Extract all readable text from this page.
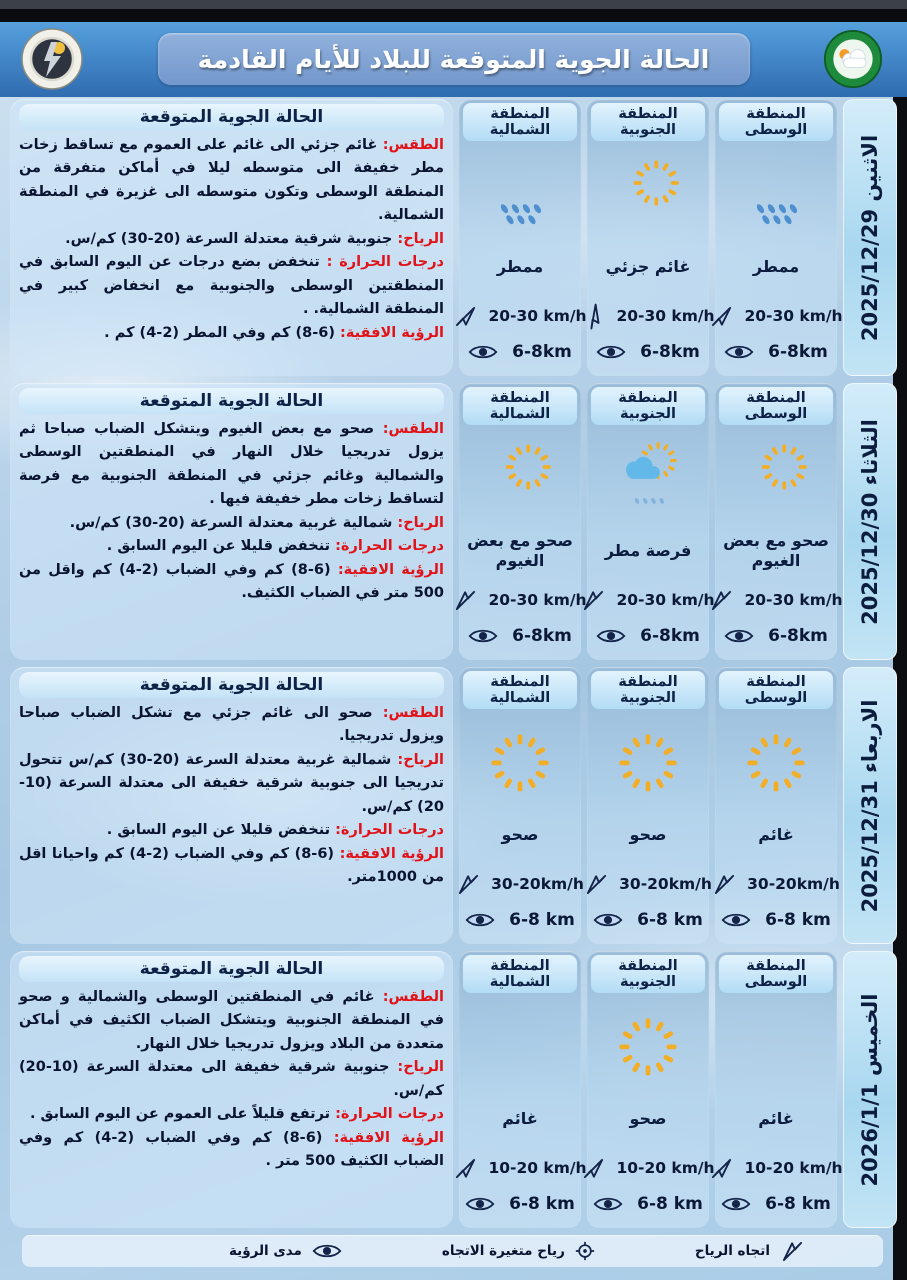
الحالة الجوية المتوقعة للبلاد للأيام القادمة
الاثنين 2025/12/29
المنطقة الوسطى
ممطر
20-30 km/h
6-8km
المنطقة الجنوبية
غائم جزئي
20-30 km/h
6-8km
المنطقة الشمالية
ممطر
20-30 km/h
6-8km
الحالة الجوية المتوقعة

الطقس: غائم جزئي الى غائم على العموم مع تساقط زخات مطر خفيفة الى متوسطه ليلا في أماكن متفرقة من المنطقة الوسطى وتكون متوسطه الى غزيرة في المنطقة الشمالية.

الرياح: جنوبية شرقية معتدلة السرعة (20-30) كم/س.

درجات الحرارة : تنخفض بضع درجات عن اليوم السابق في المنطقتين الوسطى والجنوبية مع انخفاض كبير في المنطقة الشمالية. .

الرؤية الافقية: (6-8) كم وفي المطر (2-4) كم .

الثلاثاء 2025/12/30
المنطقة الوسطى
صحو مع بعض الغيوم
20-30 km/h
6-8km
المنطقة الجنوبية
فرصة مطر
20-30 km/h
6-8km
المنطقة الشمالية
صحو مع بعض الغيوم
20-30 km/h
6-8km
الحالة الجوية المتوقعة

الطقس: صحو مع بعض الغيوم ويتشكل الضباب صباحا ثم يزول تدريجيا خلال النهار في المنطقتين الوسطى والشمالية وغائم جزئي في المنطقة الجنوبية مع فرصة لتساقط زخات مطر خفيفة فيها .

الرياح: شمالية غربية معتدلة السرعة (20-30) كم/س.

درجات الحرارة: تنخفض قليلا عن اليوم السابق .

الرؤية الافقية: (6-8) كم وفي الضباب (2-4) كم واقل من 500 متر في الضباب الكثيف.

الاربعاء 2025/12/31
المنطقة الوسطى
غائم
30-20km/h
6-8 km
المنطقة الجنوبية
صحو
30-20km/h
6-8 km
المنطقة الشمالية
صحو
30-20km/h
6-8 km
الحالة الجوية المتوقعة

الطقس: صحو الى غائم جزئي مع تشكل الضباب صباحا ويزول تدريجيا.

الرياح: شمالية غربية معتدلة السرعة (20-30) كم/س تتحول تدريجيا الى جنوبية شرقية خفيفة الى معتدلة السرعة (10-20) كم/س.

درجات الحرارة: تنخفض قليلا عن اليوم السابق .

الرؤية الافقية: (6-8) كم وفي الضباب (2-4) كم واحيانا اقل من 1000متر.

الخميس 2026/1/1
المنطقة الوسطى
غائم
10-20 km/h
6-8 km
المنطقة الجنوبية
صحو
10-20 km/h
6-8 km
المنطقة الشمالية
غائم
10-20 km/h
6-8 km
الحالة الجوية المتوقعة

الطقس: غائم في المنطقتين الوسطى والشمالية و صحو في المنطقة الجنوبية ويتشكل الضباب الكثيف في أماكن متعددة من البلاد ويزول تدريجيا خلال النهار.

الرياح: جنوبية شرقية خفيفة الى معتدلة السرعة (10-20) كم/س.

درجات الحرارة: ترتفع قليلاً على العموم عن اليوم السابق .

الرؤية الافقية: (6-8) كم وفي الضباب (2-4) كم وفي الضباب الكثيف 500 متر .

اتجاه الرياح
رياح متغيرة الاتجاه
مدى الرؤية
